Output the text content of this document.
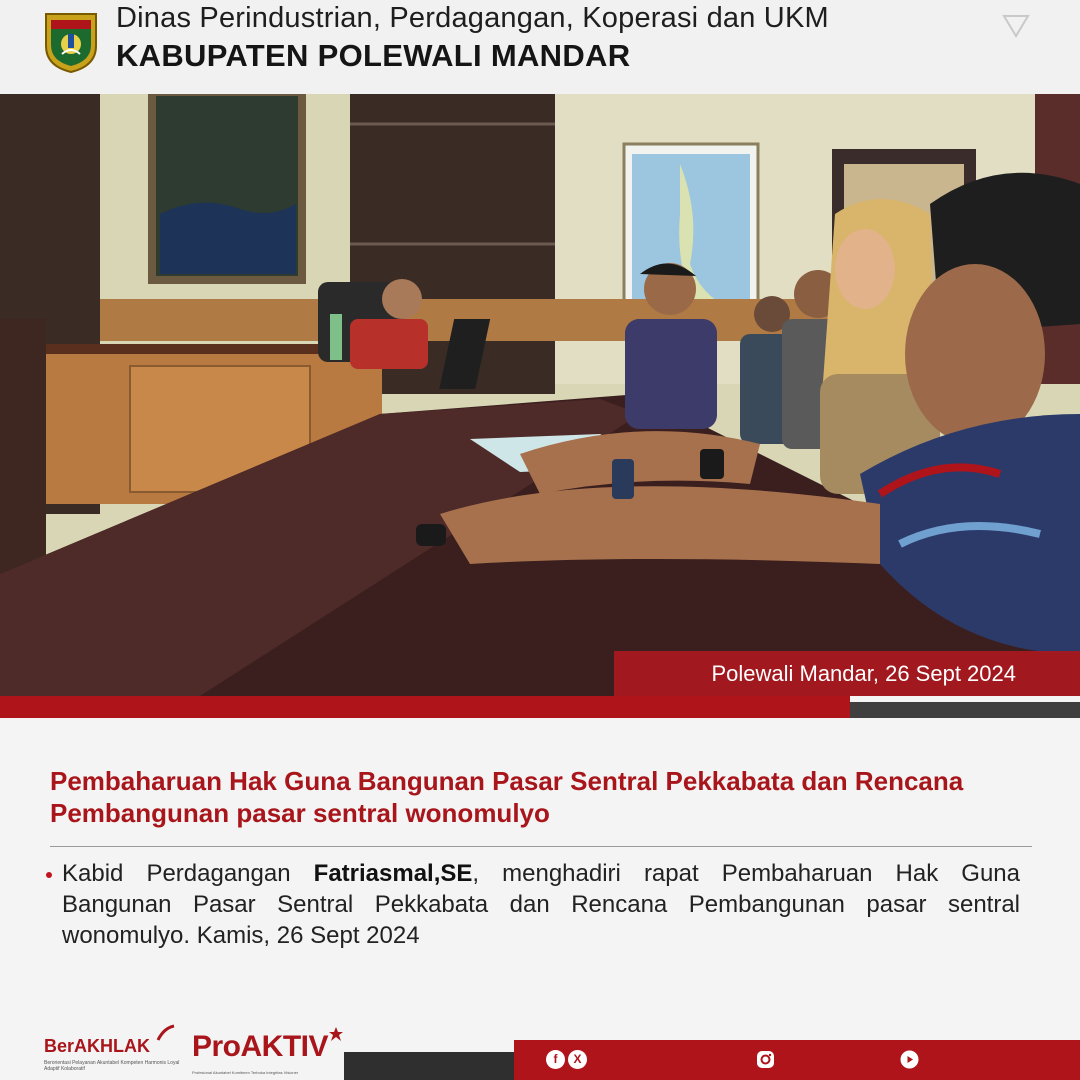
Dinas Perindustrian, Perdagangan, Koperasi dan UKM
KABUPATEN POLEWALI MANDAR
Polewali Mandar, 26 Sept 2024
Pembaharuan Hak Guna Bangunan Pasar Sentral Pekkabata dan Rencana Pembangunan pasar sentral wonomulyo
Kabid Perdagangan Fatriasmal,SE, menghadiri rapat Pembaharuan Hak Guna Bangunan Pasar Sentral Pekkabata dan Rencana Pembangunan pasar sentral wonomulyo. Kamis, 26 Sept 2024
BerAKHLAK
Berorientasi Pelayanan Akuntabel Kompeten Harmonis Loyal Adaptif Kolaboratif
ProAKTIV
Profesional Akuntabel Komitmen Terbuka Integritas Visioner
f	X
